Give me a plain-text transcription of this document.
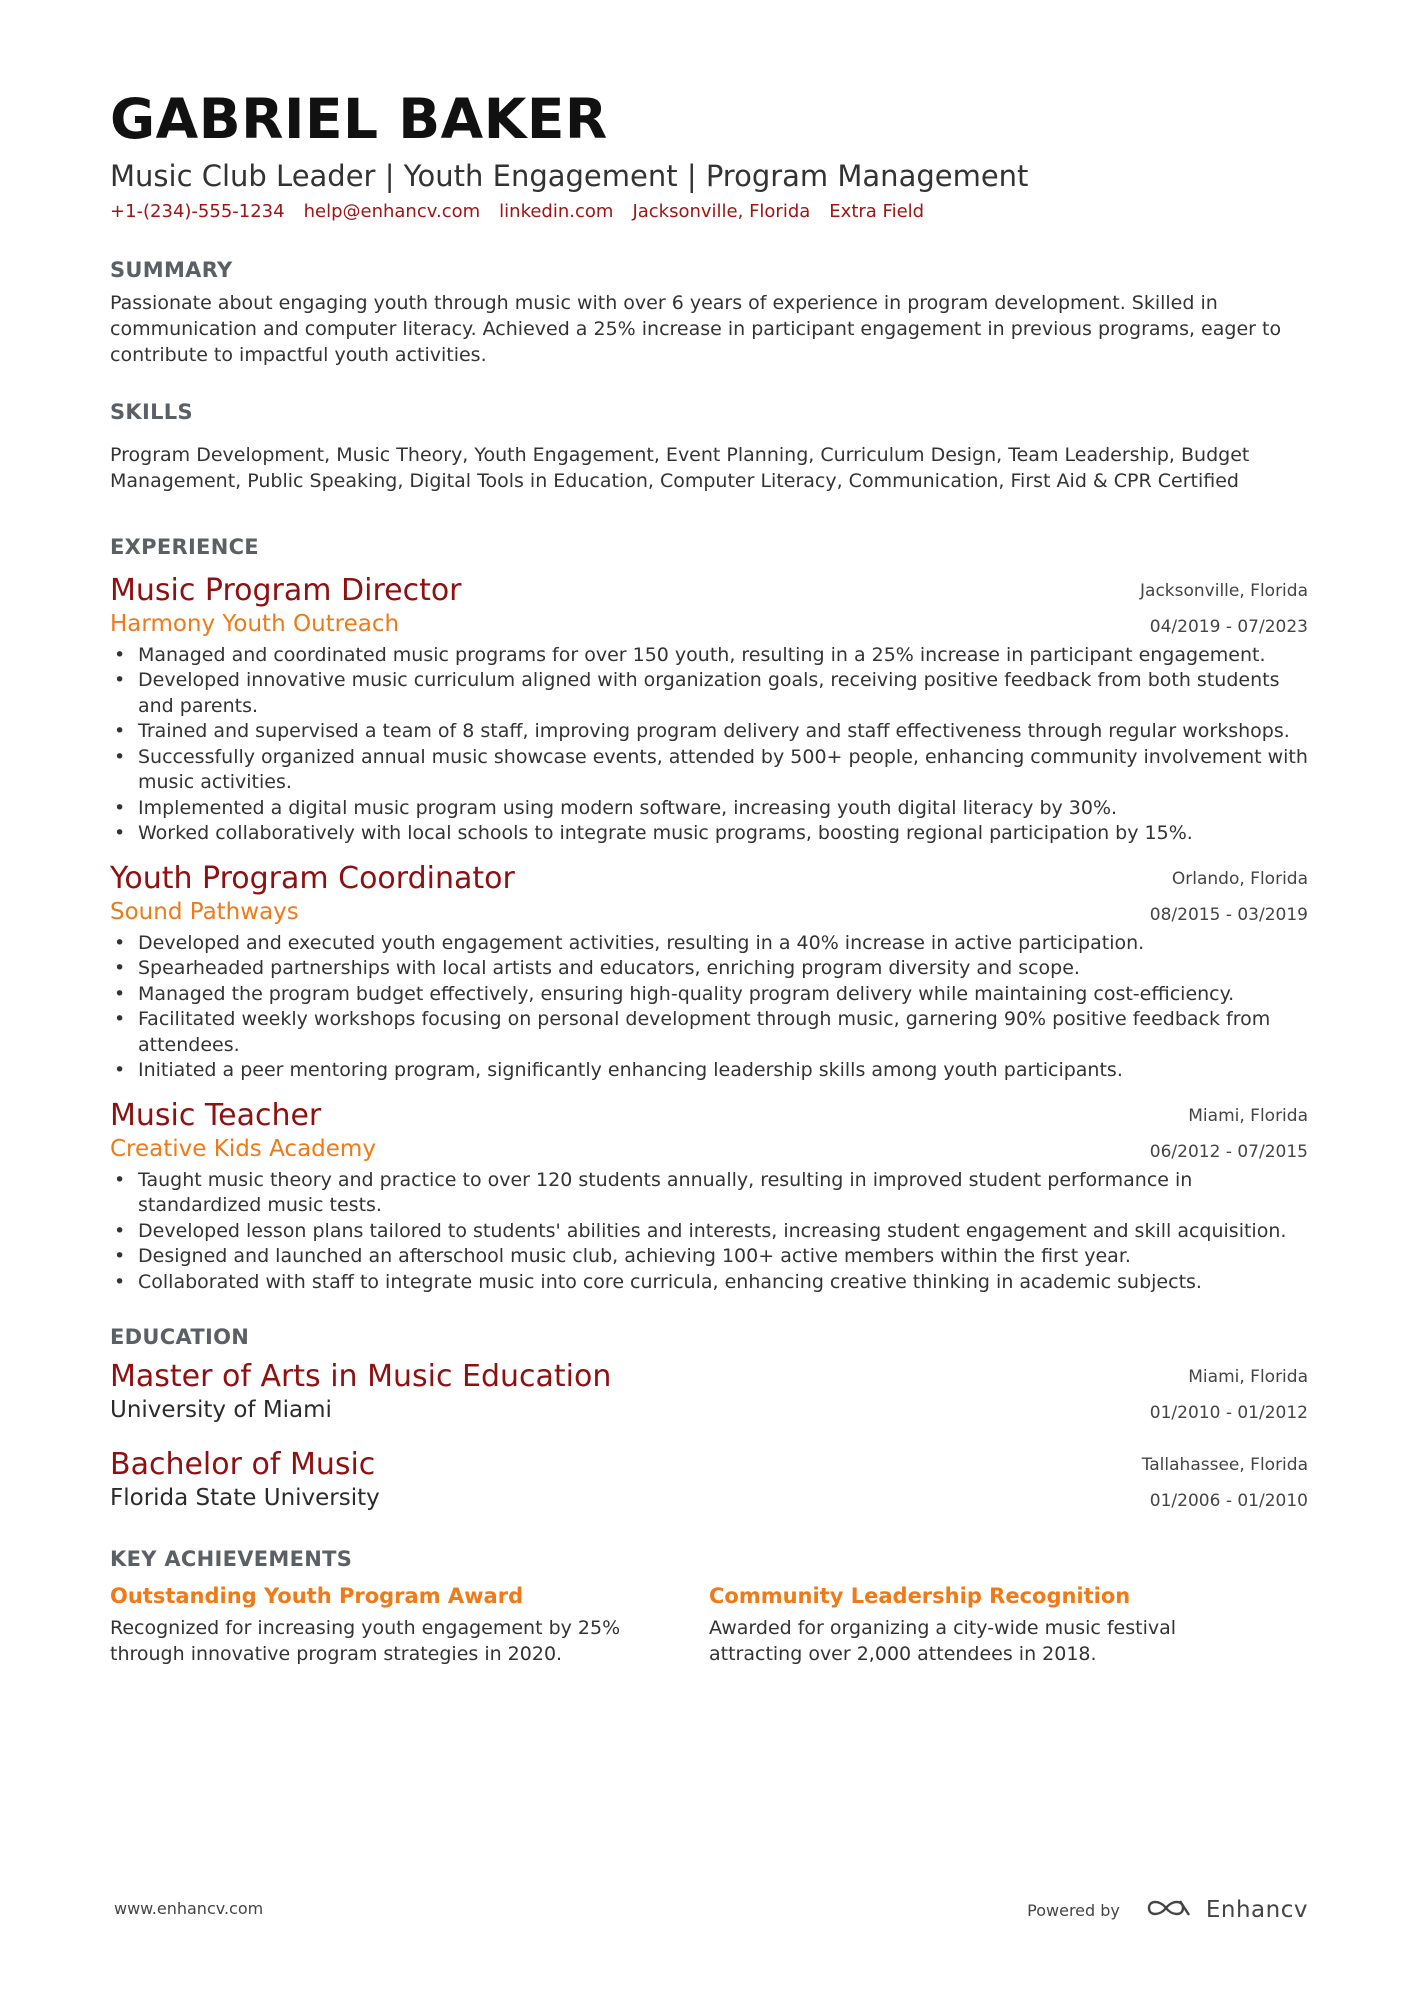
GABRIEL BAKER
Music Club Leader | Youth Engagement | Program Management
+1-(234)-555-1234 help@enhancv.com linkedin.com Jacksonville, Florida Extra Field
SUMMARY
Passionate about engaging youth through music with over 6 years of experience in program development. Skilled in communication and computer literacy. Achieved a 25% increase in participant engagement in previous programs, eager to contribute to impactful youth activities.
SKILLS
Program Development, Music Theory, Youth Engagement, Event Planning, Curriculum Design, Team Leadership, Budget Management, Public Speaking, Digital Tools in Education, Computer Literacy, Communication, First Aid & CPR Certified
EXPERIENCE
Music Program Director
Harmony Youth Outreach
Jacksonville, Florida
04/2019 - 07/2023
• Managed and coordinated music programs for over 150 youth, resulting in a 25% increase in participant engagement.
• Developed innovative music curriculum aligned with organization goals, receiving positive feedback from both students and parents.
• Trained and supervised a team of 8 staff, improving program delivery and staff effectiveness through regular workshops.
• Successfully organized annual music showcase events, attended by 500+ people, enhancing community involvement with music activities.
• Implemented a digital music program using modern software, increasing youth digital literacy by 30%.
• Worked collaboratively with local schools to integrate music programs, boosting regional participation by 15%.
Youth Program Coordinator
Sound Pathways
Orlando, Florida
08/2015 - 03/2019
• Developed and executed youth engagement activities, resulting in a 40% increase in active participation.
• Spearheaded partnerships with local artists and educators, enriching program diversity and scope.
• Managed the program budget effectively, ensuring high-quality program delivery while maintaining cost-efficiency.
• Facilitated weekly workshops focusing on personal development through music, garnering 90% positive feedback from attendees.
• Initiated a peer mentoring program, significantly enhancing leadership skills among youth participants.
Music Teacher
Creative Kids Academy
Miami, Florida
06/2012 - 07/2015
• Taught music theory and practice to over 120 students annually, resulting in improved student performance in standardized music tests.
• Developed lesson plans tailored to students' abilities and interests, increasing student engagement and skill acquisition.
• Designed and launched an afterschool music club, achieving 100+ active members within the first year.
• Collaborated with staff to integrate music into core curricula, enhancing creative thinking in academic subjects.
EDUCATION
Master of Arts in Music Education
University of Miami
Miami, Florida
01/2010 - 01/2012
Bachelor of Music
Florida State University
Tallahassee, Florida
01/2006 - 01/2010
KEY ACHIEVEMENTS
Outstanding Youth Program Award
Recognized for increasing youth engagement by 25% through innovative program strategies in 2020.
Community Leadership Recognition
Awarded for organizing a city-wide music festival attracting over 2,000 attendees in 2018.
www.enhancv.com	Powered by	Enhancv
